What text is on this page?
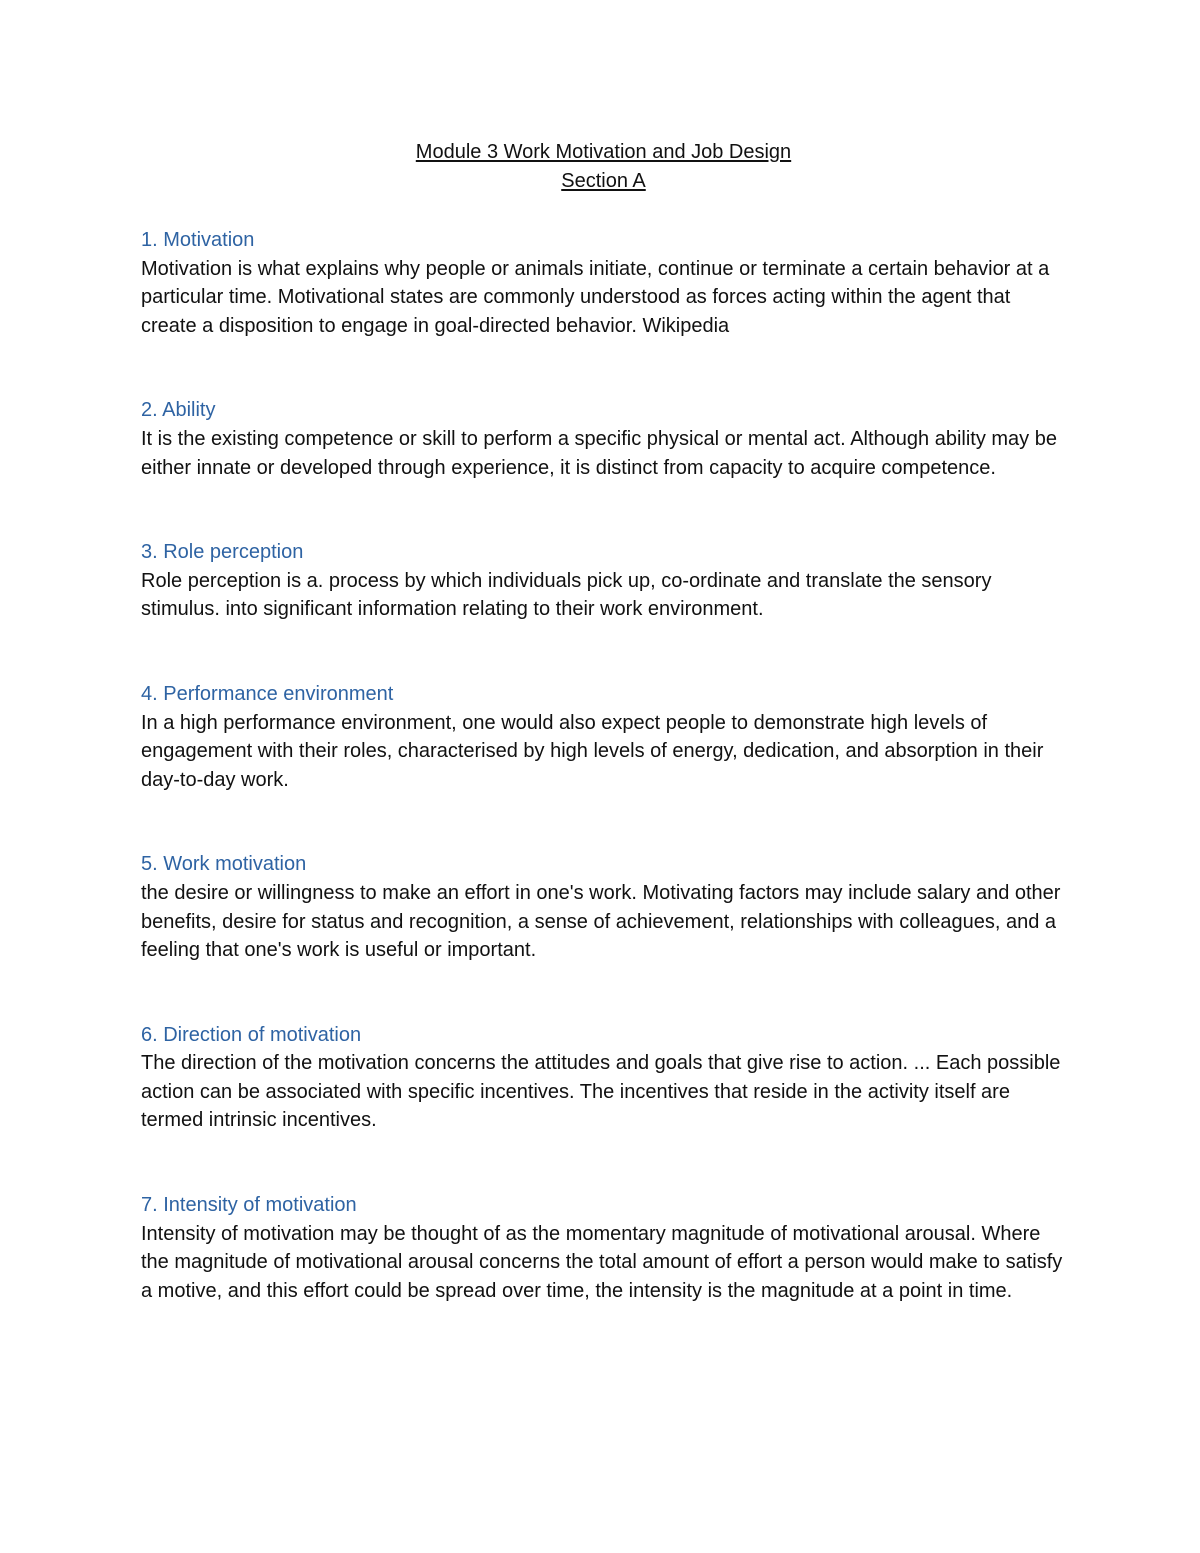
Module 3 Work Motivation and Job Design
Section A
1. Motivation
Motivation is what explains why people or animals initiate, continue or terminate a certain behavior at a particular time. Motivational states are commonly understood as forces acting within the agent that create a disposition to engage in goal-directed behavior. Wikipedia
2. Ability
It is the existing competence or skill to perform a specific physical or mental act. Although ability may be either innate or developed through experience, it is distinct from capacity to acquire competence.
3. Role perception
Role perception is a. process by which individuals pick up, co-ordinate and translate the sensory stimulus. into significant information relating to their work environment.
4. Performance environment
In a high performance environment, one would also expect people to demonstrate high levels of engagement with their roles, characterised by high levels of energy, dedication, and absorption in their day-to-day work.
5. Work motivation
the desire or willingness to make an effort in one's work. Motivating factors may include salary and other benefits, desire for status and recognition, a sense of achievement, relationships with colleagues, and a feeling that one's work is useful or important.
6. Direction of motivation
The direction of the motivation concerns the attitudes and goals that give rise to action. ... Each possible action can be associated with specific incentives. The incentives that reside in the activity itself are termed intrinsic incentives.
7. Intensity of motivation
Intensity of motivation may be thought of as the momentary magnitude of motivational arousal. Where the magnitude of motivational arousal concerns the total amount of effort a person would make to satisfy a motive, and this effort could be spread over time, the intensity is the magnitude at a point in time.
